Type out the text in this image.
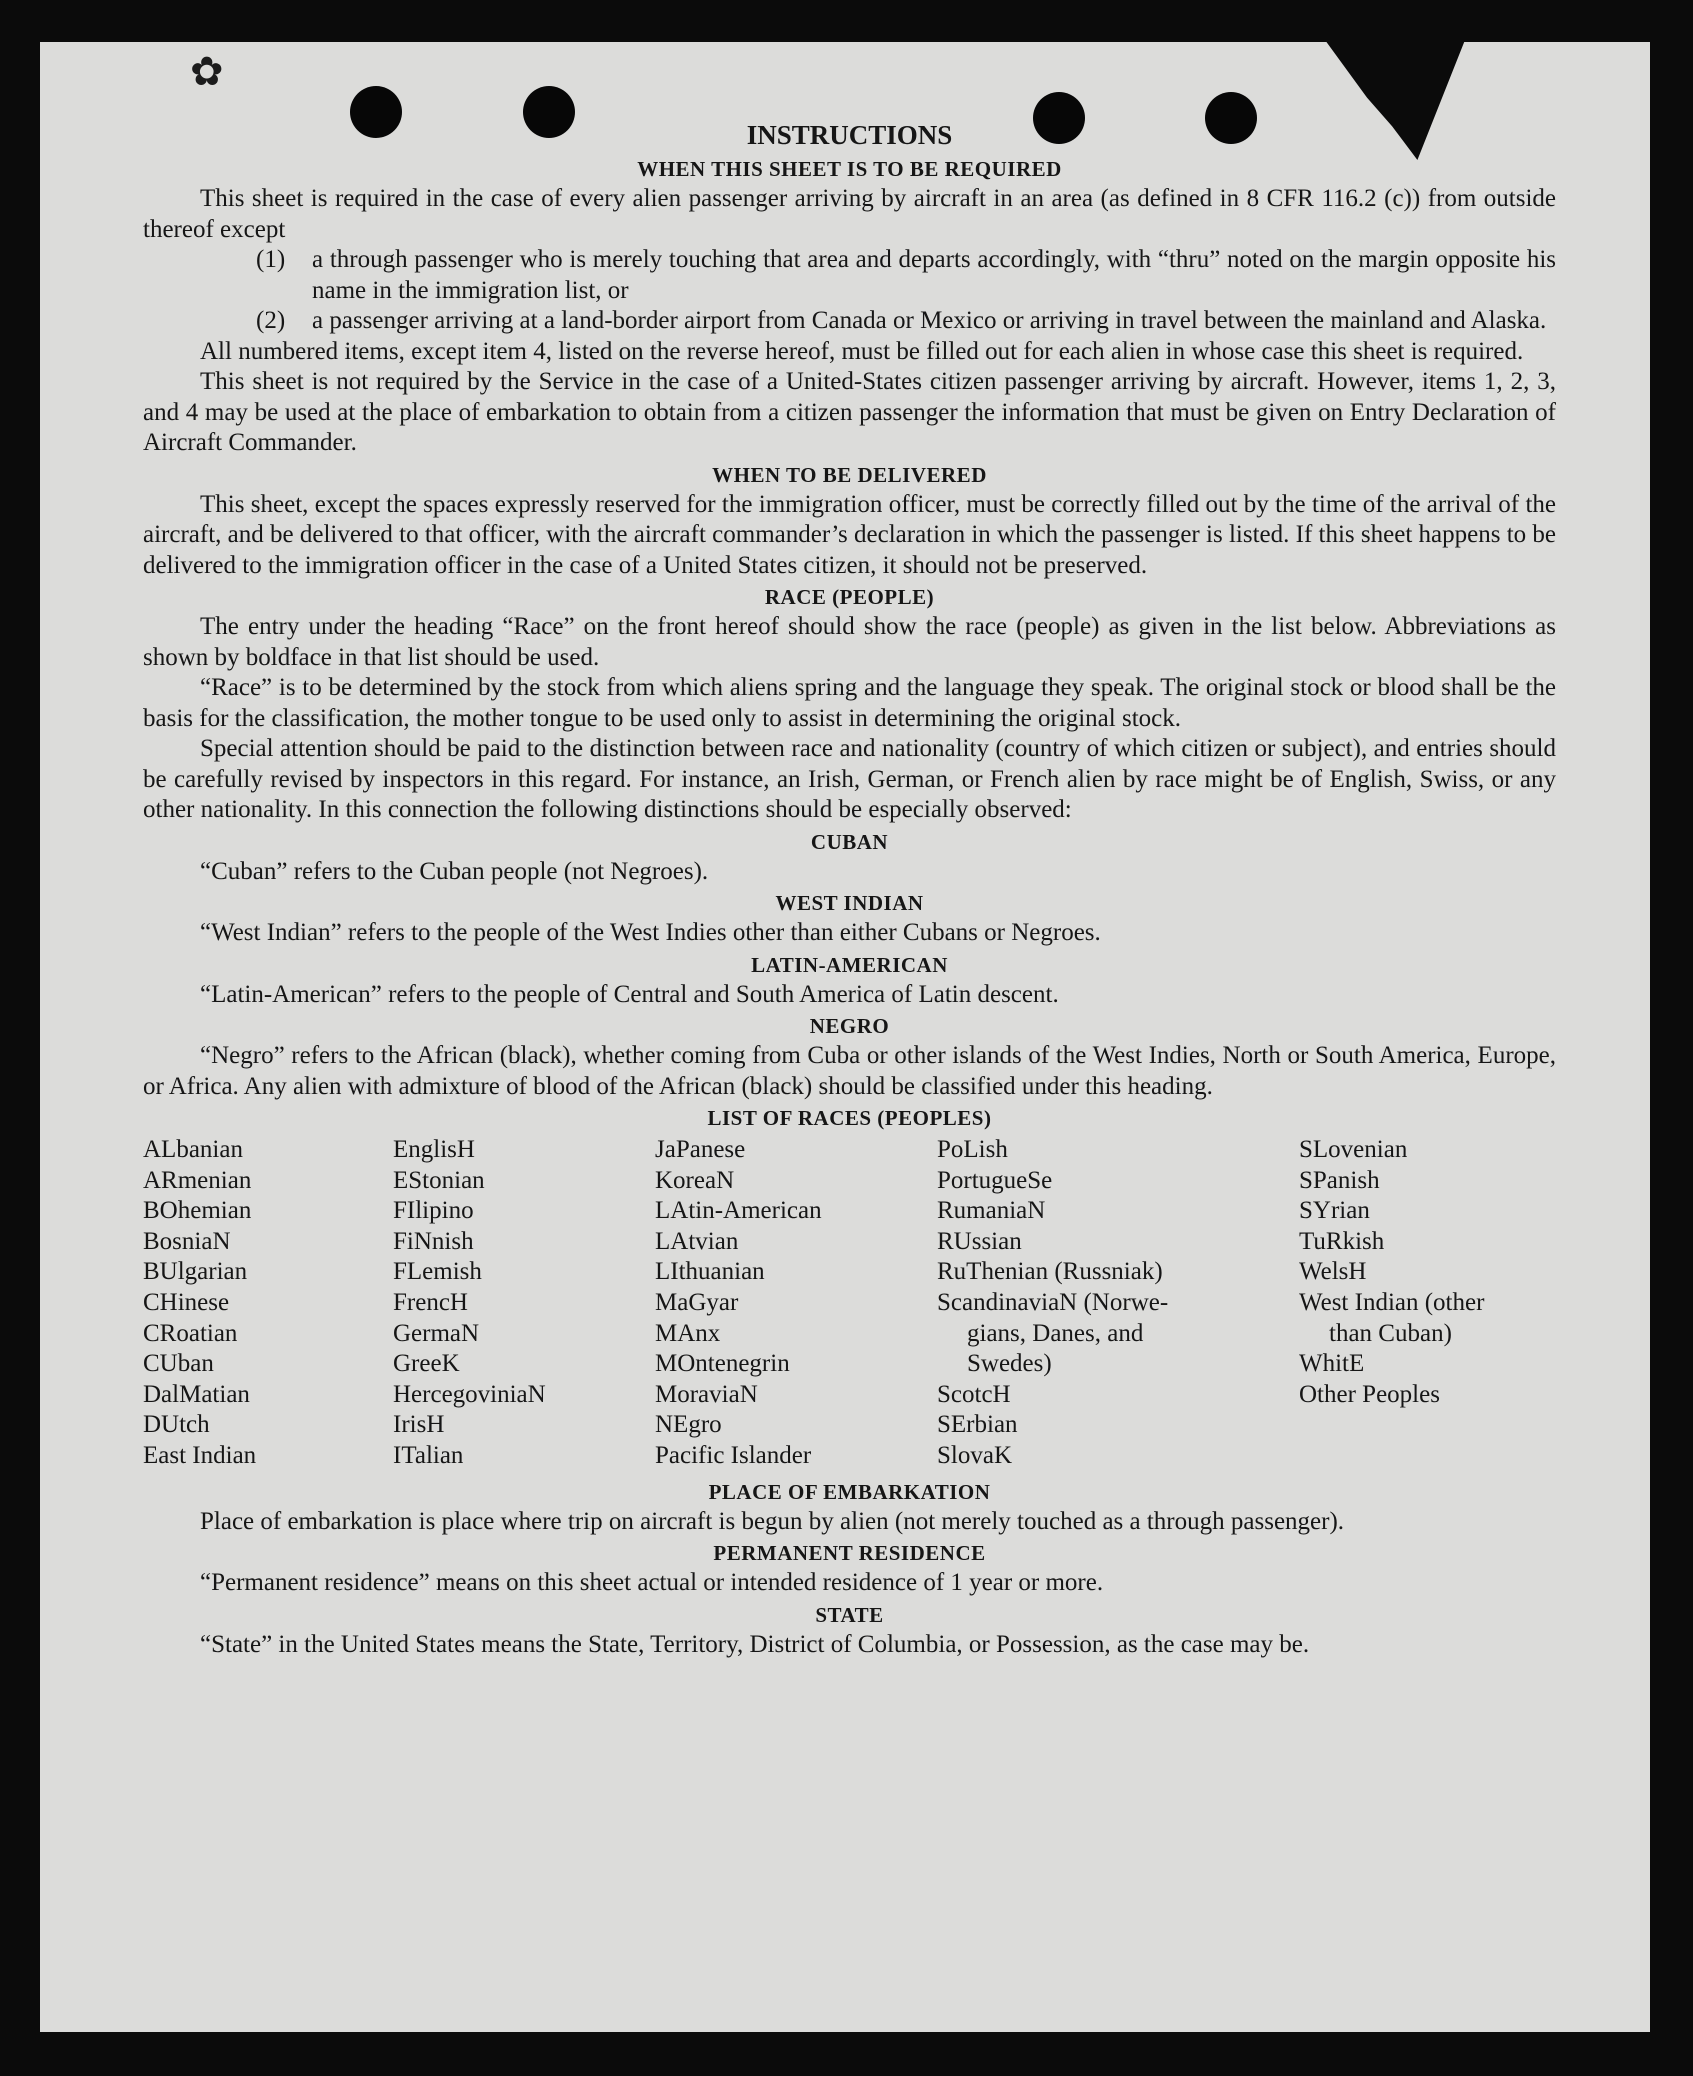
✿
INSTRUCTIONS
WHEN THIS SHEET IS TO BE REQUIRED

This sheet is required in the case of every alien passenger arriving by aircraft in an area (as defined in 8 CFR 116.2 (c)) from outside thereof except

(1)	a through passenger who is merely touching that area and departs accordingly, with “thru” noted on the margin opposite his name in the immigration list, or
(2)	a passenger arriving at a land-border airport from Canada or Mexico or arriving in travel between the mainland and Alaska.

All numbered items, except item 4, listed on the reverse hereof, must be filled out for each alien in whose case this sheet is required.

This sheet is not required by the Service in the case of a United-States citizen passenger arriving by aircraft. However, items 1, 2, 3, and 4 may be used at the place of embarkation to obtain from a citizen passenger the information that must be given on Entry Declaration of Aircraft Commander.

WHEN TO BE DELIVERED

This sheet, except the spaces expressly reserved for the immigration officer, must be correctly filled out by the time of the arrival of the aircraft, and be delivered to that officer, with the aircraft commander’s declaration in which the passenger is listed. If this sheet happens to be delivered to the immigration officer in the case of a United States citizen, it should not be preserved.

RACE (PEOPLE)

The entry under the heading “Race” on the front hereof should show the race (people) as given in the list below. Abbreviations as shown by boldface in that list should be used.

“Race” is to be determined by the stock from which aliens spring and the language they speak. The original stock or blood shall be the basis for the classification, the mother tongue to be used only to assist in determining the original stock.

Special attention should be paid to the distinction between race and nationality (country of which citizen or subject), and entries should be carefully revised by inspectors in this regard. For instance, an Irish, German, or French alien by race might be of English, Swiss, or any other nationality. In this connection the following distinctions should be especially observed:

CUBAN

“Cuban” refers to the Cuban people (not Negroes).

WEST INDIAN

“West Indian” refers to the people of the West Indies other than either Cubans or Negroes.

LATIN-AMERICAN

“Latin-American” refers to the people of Central and South America of Latin descent.

NEGRO

“Negro” refers to the African (black), whether coming from Cuba or other islands of the West Indies, North or South America, Europe, or Africa. Any alien with admixture of blood of the African (black) should be classified under this heading.

LIST OF RACES (PEOPLES)
ALbanian
ARmenian
BOhemian
BosniaN
BUlgarian
CHinese
CRoatian
CUban
DalMatian
DUtch
East Indian
EnglisH
EStonian
FIlipino
FiNnish
FLemish
FrencH
GermaN
GreeK
HercegoviniaN
IrisH
ITalian
JaPanese
KoreaN
LAtin-American
LAtvian
LIthuanian
MaGyar
MAnx
MOntenegrin
MoraviaN
NEgro
Pacific Islander
PoLish
PortugueSe
RumaniaN
RUssian
RuThenian (Russniak)
ScandinaviaN (Norwe-
gians, Danes, and
Swedes)
ScotcH
SErbian
SlovaK
SLovenian
SPanish
SYrian
TuRkish
WelsH
West Indian (other
than Cuban)
WhitE
Other Peoples
PLACE OF EMBARKATION

Place of embarkation is place where trip on aircraft is begun by alien (not merely touched as a through passenger).

PERMANENT RESIDENCE

“Permanent residence” means on this sheet actual or intended residence of 1 year or more.

STATE

“State” in the United States means the State, Territory, District of Columbia, or Possession, as the case may be.
